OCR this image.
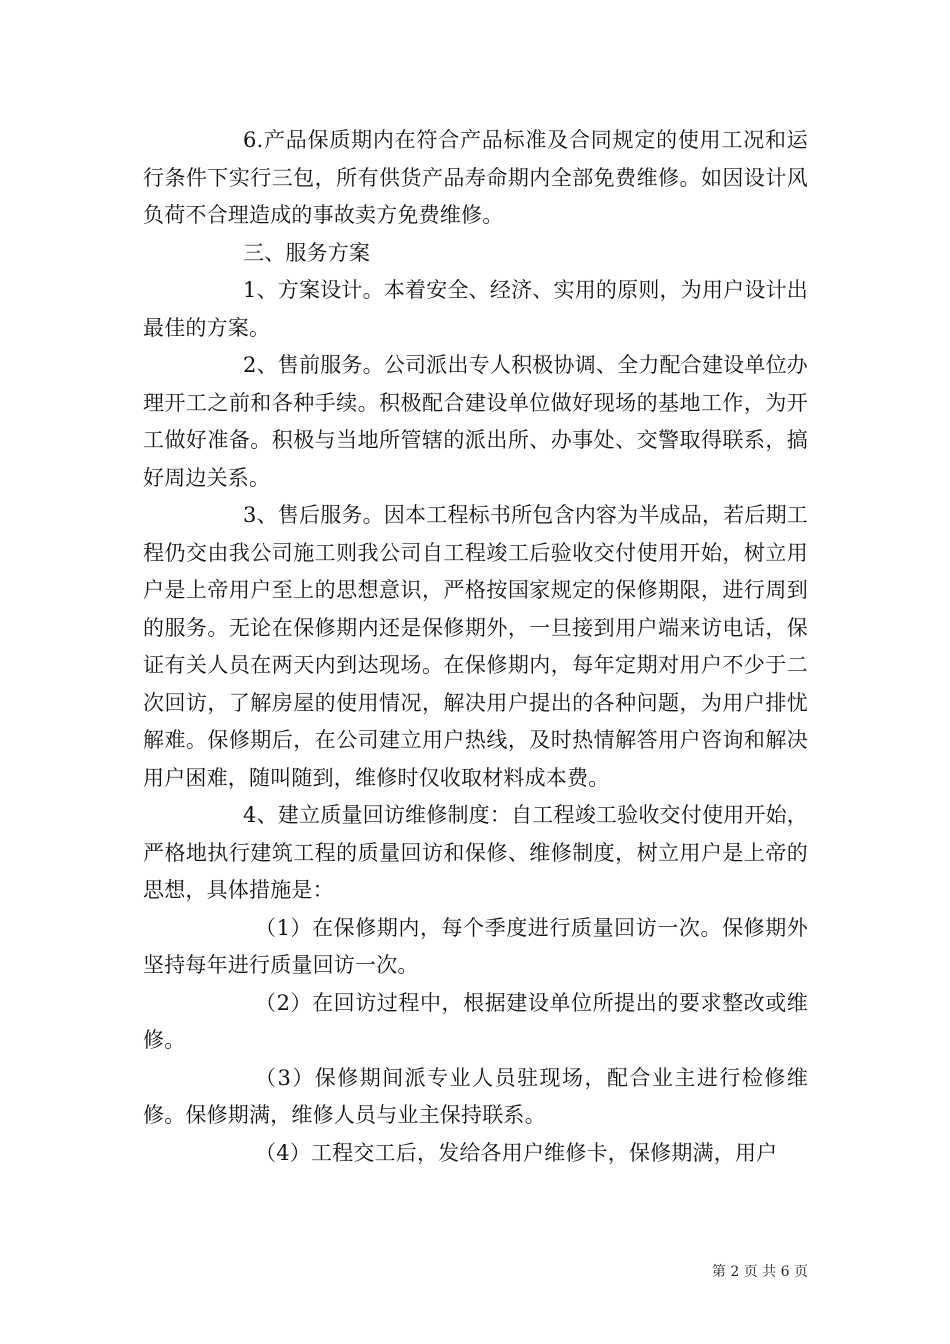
6.产品保质期内在符合产品标准及合同规定的使用工况和运行条件下实行三包，所有供货产品寿命期内全部免费维修。如因设计风负荷不合理造成的事故卖方免费维修。

三、服务方案

1、方案设计。本着安全、经济、实用的原则，为用户设计出最佳的方案。

2、售前服务。公司派出专人积极协调、全力配合建设单位办理开工之前和各种手续。积极配合建设单位做好现场的基地工作，为开工做好准备。积极与当地所管辖的派出所、办事处、交警取得联系，搞好周边关系。

3、售后服务。因本工程标书所包含内容为半成品，若后期工程仍交由我公司施工则我公司自工程竣工后验收交付使用开始，树立用户是上帝用户至上的思想意识，严格按国家规定的保修期限，进行周到的服务。无论在保修期内还是保修期外，一旦接到用户端来访电话，保证有关人员在两天内到达现场。在保修期内，每年定期对用户不少于二次回访，了解房屋的使用情况，解决用户提出的各种问题，为用户排忧解难。保修期后，在公司建立用户热线，及时热情解答用户咨询和解决用户困难，随叫随到，维修时仅收取材料成本费。

4、建立质量回访维修制度：自工程竣工验收交付使用开始，严格地执行建筑工程的质量回访和保修、维修制度，树立用户是上帝的思想，具体措施是：

（1）在保修期内，每个季度进行质量回访一次。保修期外坚持每年进行质量回访一次。

（2）在回访过程中，根据建设单位所提出的要求整改或维修。

（3）保修期间派专业人员驻现场，配合业主进行检修维修。保修期满，维修人员与业主保持联系。

（4）工程交工后，发给各用户维修卡，保修期满，用户

第 2 页 共 6 页
